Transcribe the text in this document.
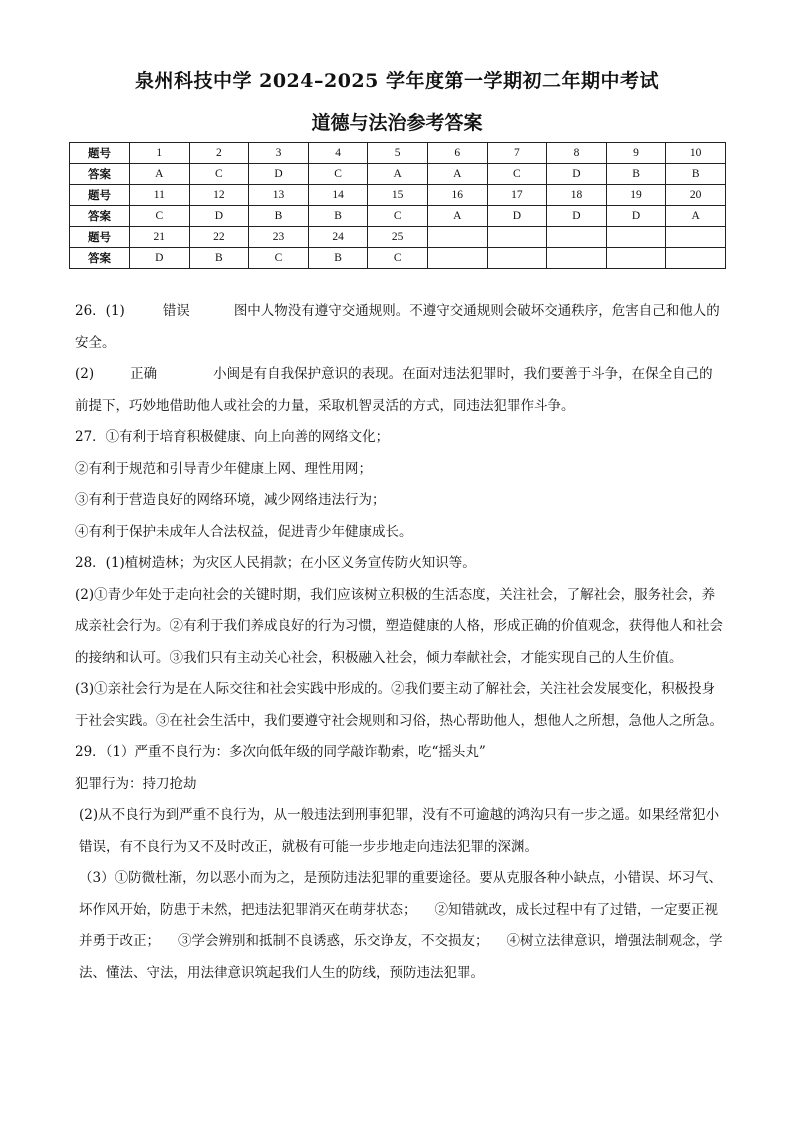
泉州科技中学 2024–2025 学年度第一学期初二年期中考试
道德与法治参考答案
题号	1	2	3	4	5	6	7	8	9	10
答案	A	C	D	C	A	A	C	D	B	B
题号	11	12	13	14	15	16	17	18	19	20
答案	C	D	B	B	C	A	D	D	D	A
题号	21	22	23	24	25					
答案	D	B	C	B	C					

26．(1)	错误	图中人物没有遵守交通规则。不遵守交通规则会破坏交通秩序，危害自己和他人的安全。

(2)	正确	小闽是有自我保护意识的表现。在面对违法犯罪时，我们要善于斗争，在保全自己的前提下，巧妙地借助他人或社会的力量，采取机智灵活的方式，同违法犯罪作斗争。

27．①有利于培育积极健康、向上向善的网络文化；

②有利于规范和引导青少年健康上网、理性用网；

③有利于营造良好的网络环境，减少网络违法行为；

④有利于保护未成年人合法权益，促进青少年健康成长。

28．(1)植树造林；为灾区人民捐款；在小区义务宣传防火知识等。

(2)①青少年处于走向社会的关键时期，我们应该树立积极的生活态度，关注社会，了解社会，服务社会，养成亲社会行为。②有利于我们养成良好的行为习惯，塑造健康的人格，形成正确的价值观念，获得他人和社会的接纳和认可。③我们只有主动关心社会，积极融入社会，倾力奉献社会，才能实现自己的人生价值。

(3)①亲社会行为是在人际交往和社会实践中形成的。②我们要主动了解社会，关注社会发展变化，积极投身于社会实践。③在社会生活中，我们要遵守社会规则和习俗，热心帮助他人，想他人之所想，急他人之所急。

29．（1）严重不良行为：多次向低年级的同学敲诈勒索，吃“摇头丸”

犯罪行为：持刀抢劫

(2)从不良行为到严重不良行为，从一般违法到刑事犯罪，没有不可逾越的鸿沟只有一步之遥。如果经常犯小错误，有不良行为又不及时改正，就极有可能一步步地走向违法犯罪的深渊。

（3）①防微杜渐，勿以恶小而为之，是预防违法犯罪的重要途径。要从克服各种小缺点，小错误、坏习气、坏作风开始，防患于未然，把违法犯罪消灭在萌芽状态； ②知错就改，成长过程中有了过错，一定要正视并勇于改正； ③学会辨别和抵制不良诱惑，乐交诤友，不交损友； ④树立法律意识，增强法制观念，学法、懂法、守法，用法律意识筑起我们人生的防线，预防违法犯罪。
